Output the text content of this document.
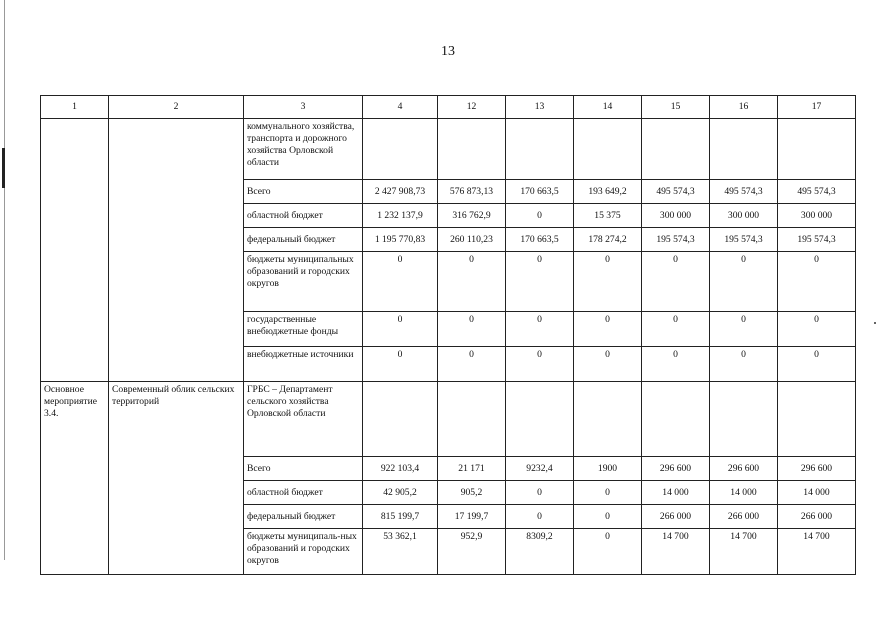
13
1	2	3	4	12	13	14	15	16	17
		коммунального хозяйства, транспорта и дорожного хозяйства Орловской области							
		Всего	2 427 908,73	576 873,13	170 663,5	193 649,2	495 574,3	495 574,3	495 574,3
		областной бюджет	1 232 137,9	316 762,9	0	15 375	300 000	300 000	300 000
		федеральный бюджет	1 195 770,83	260 110,23	170 663,5	178 274,2	195 574,3	195 574,3	195 574,3
		бюджеты муниципальных образований и городских округов	0	0	0	0	0	0	0
		государственные внебюджетные фонды	0	0	0	0	0	0	0
		внебюджетные источники	0	0	0	0	0	0	0
Основное мероприятие 3.4.	Современный облик сельских территорий	ГРБС – Департамент сельского хозяйства Орловской области							
		Всего	922 103,4	21 171	9232,4	1900	296 600	296 600	296 600
		областной бюджет	42 905,2	905,2	0	0	14 000	14 000	14 000
		федеральный бюджет	815 199,7	17 199,7	0	0	266 000	266 000	266 000
		бюджеты муниципаль-ных образований и городских округов	53 362,1	952,9	8309,2	0	14 700	14 700	14 700
